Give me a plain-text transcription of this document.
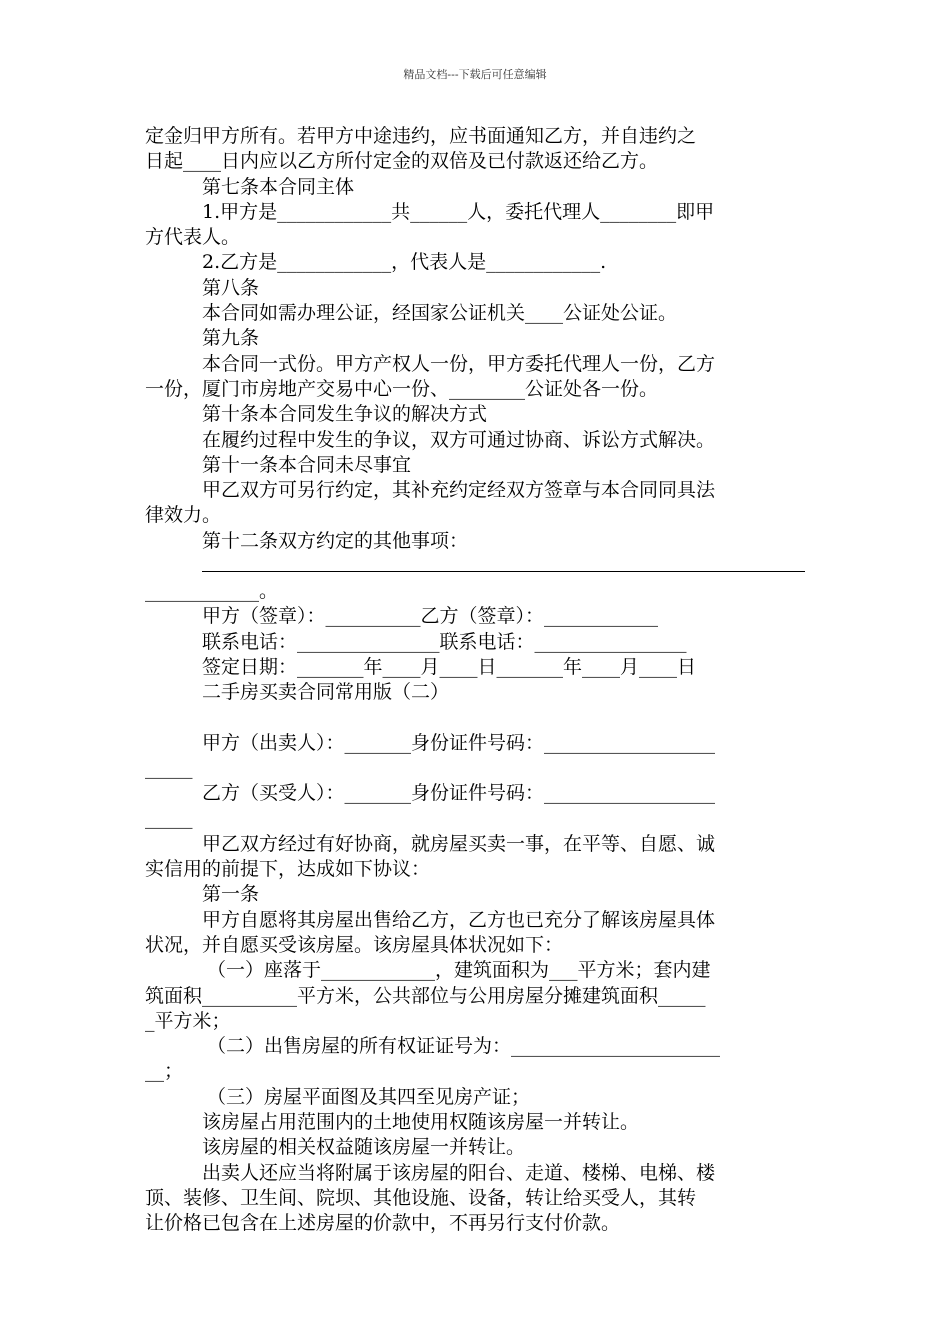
精品文档---下载后可任意编辑
定金归甲方所有。若甲方中途违约，应书面通知乙方，并自违约之
日起____日内应以乙方所付定金的双倍及已付款返还给乙方。
第七条本合同主体
1.甲方是____________共______人，委托代理人________即甲
方代表人。
2.乙方是____________，代表人是____________.
第八条
本合同如需办理公证，经国家公证机关____公证处公证。
第九条
本合同一式份。甲方产权人一份，甲方委托代理人一份，乙方
一份，厦门市房地产交易中心一份、________公证处各一份。
第十条本合同发生争议的解决方式
在履约过程中发生的争议，双方可通过协商、诉讼方式解决。
第十一条本合同未尽事宜
甲乙双方可另行约定，其补充约定经双方签章与本合同同具法
律效力。
第十二条双方约定的其他事项：
____________。
甲方（签章）：__________乙方（签章）：____________
联系电话：_______________联系电话：________________
签定日期：_______年____月____日_______年____月____日
二手房买卖合同常用版（二）
甲方（出卖人）：_______身份证件号码：__________________
_____
乙方（买受人）：_______身份证件号码：__________________
_____
甲乙双方经过有好协商，就房屋买卖一事，在平等、自愿、诚
实信用的前提下，达成如下协议：
第一条
甲方自愿将其房屋出售给乙方，乙方也已充分了解该房屋具体
状况，并自愿买受该房屋。该房屋具体状况如下：
（一）座落于____________，建筑面积为___平方米；套内建
筑面积__________平方米，公共部位与公用房屋分摊建筑面积_____
_平方米；
（二）出售房屋的所有权证证号为：______________________
__；
（三）房屋平面图及其四至见房产证；
该房屋占用范围内的土地使用权随该房屋一并转让。
该房屋的相关权益随该房屋一并转让。
出卖人还应当将附属于该房屋的阳台、走道、楼梯、电梯、楼
顶、装修、卫生间、院坝、其他设施、设备，转让给买受人，其转
让价格已包含在上述房屋的价款中，不再另行支付价款。
